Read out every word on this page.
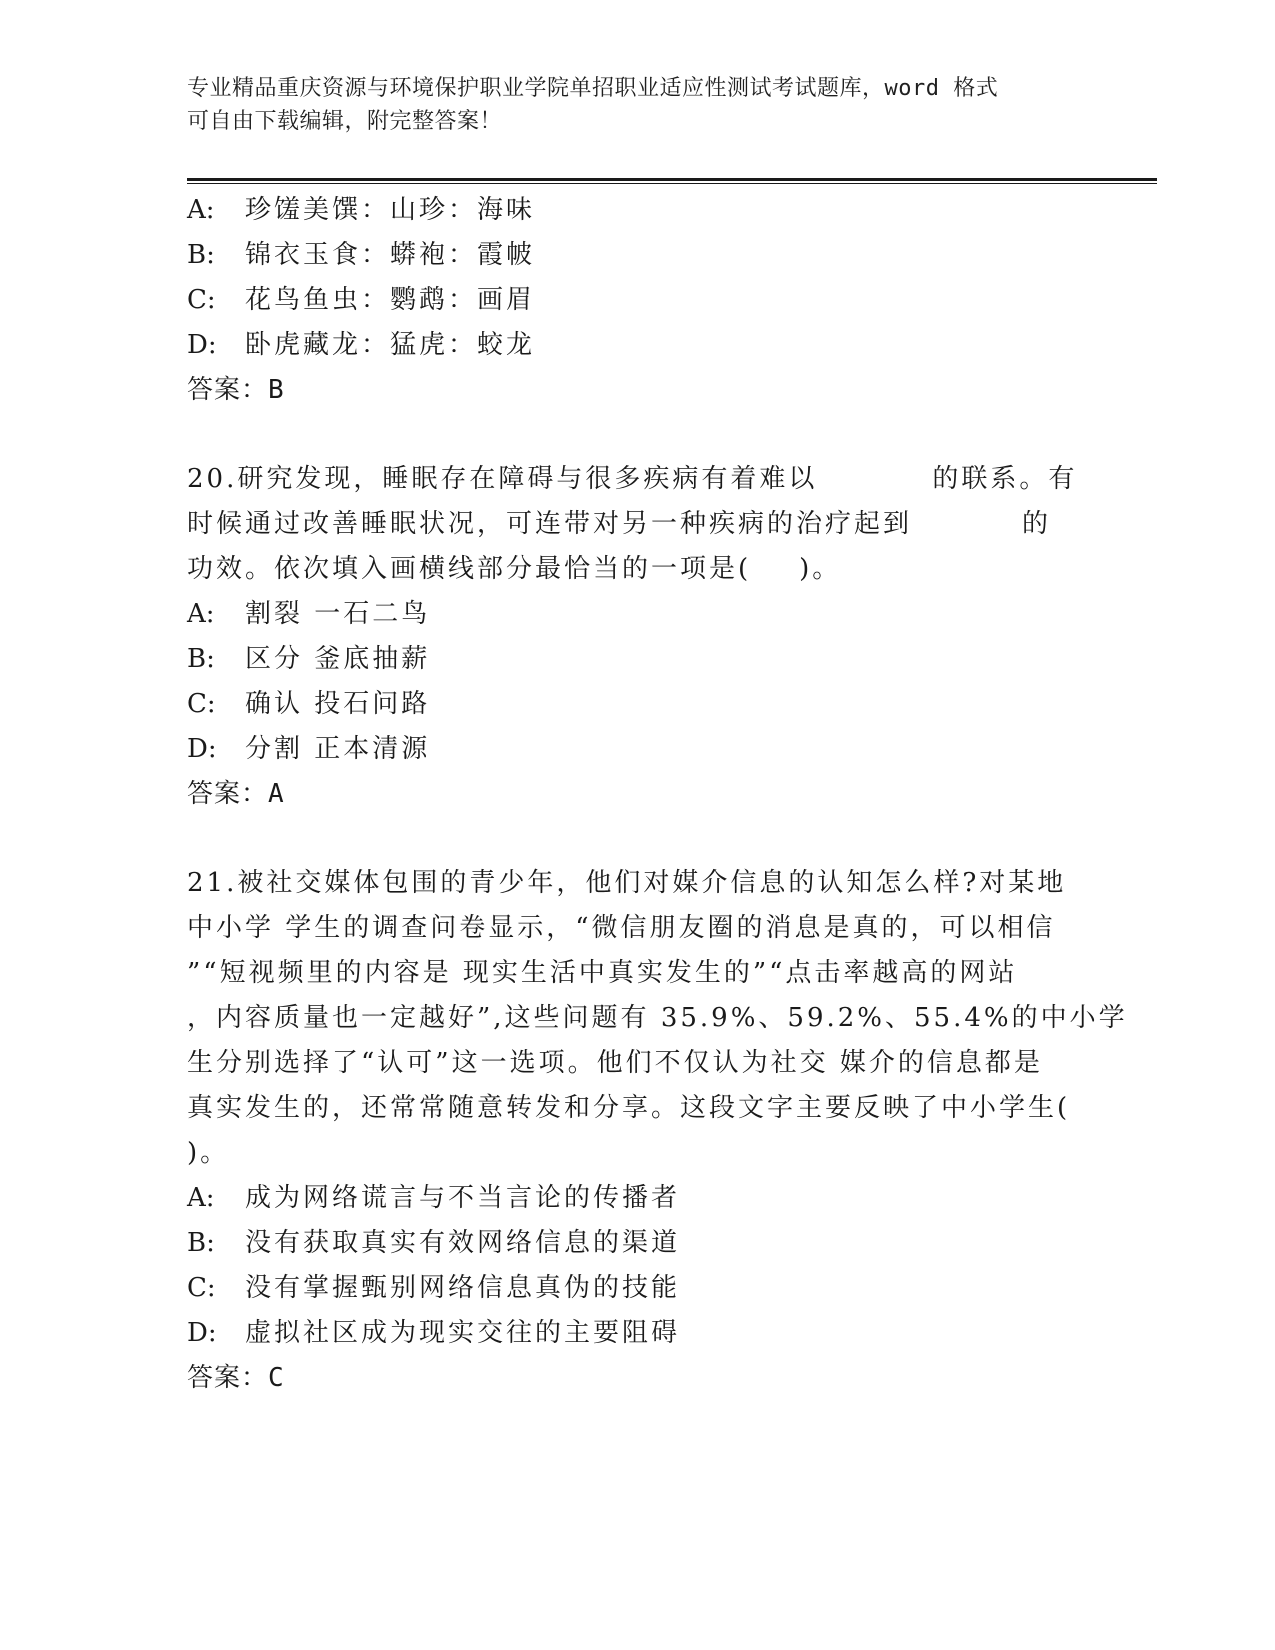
专业精品重庆资源与环境保护职业学院单招职业适应性测试考试题库，word 格式
可自由下载编辑，附完整答案！
A: 珍馐美馔：山珍：海味
B: 锦衣玉食：蟒袍：霞帔
C: 花鸟鱼虫：鹦鹉：画眉
D: 卧虎藏龙：猛虎：蛟龙
答案：B
20.研究发现，睡眠存在障碍与很多疾病有着难以	的联系。有
时候通过改善睡眠状况，可连带对另一种疾病的治疗起到	的
功效。依次填入画横线部分最恰当的一项是( )。
A: 割裂 一石二鸟
B: 区分 釜底抽薪
C: 确认 投石问路
D: 分割 正本清源
答案：A
21.被社交媒体包围的青少年，他们对媒介信息的认知怎么样?对某地
中小学 学生的调查问卷显示，“微信朋友圈的消息是真的，可以相信
”“短视频里的内容是 现实生活中真实发生的”“点击率越高的网站
，内容质量也一定越好”,这些问题有 35.9%、59.2%、55.4%的中小学
生分别选择了“认可”这一选项。他们不仅认为社交 媒介的信息都是
真实发生的，还常常随意转发和分享。这段文字主要反映了中小学生(
)。
A: 成为网络谎言与不当言论的传播者
B: 没有获取真实有效网络信息的渠道
C: 没有掌握甄别网络信息真伪的技能
D: 虚拟社区成为现实交往的主要阻碍
答案：C
